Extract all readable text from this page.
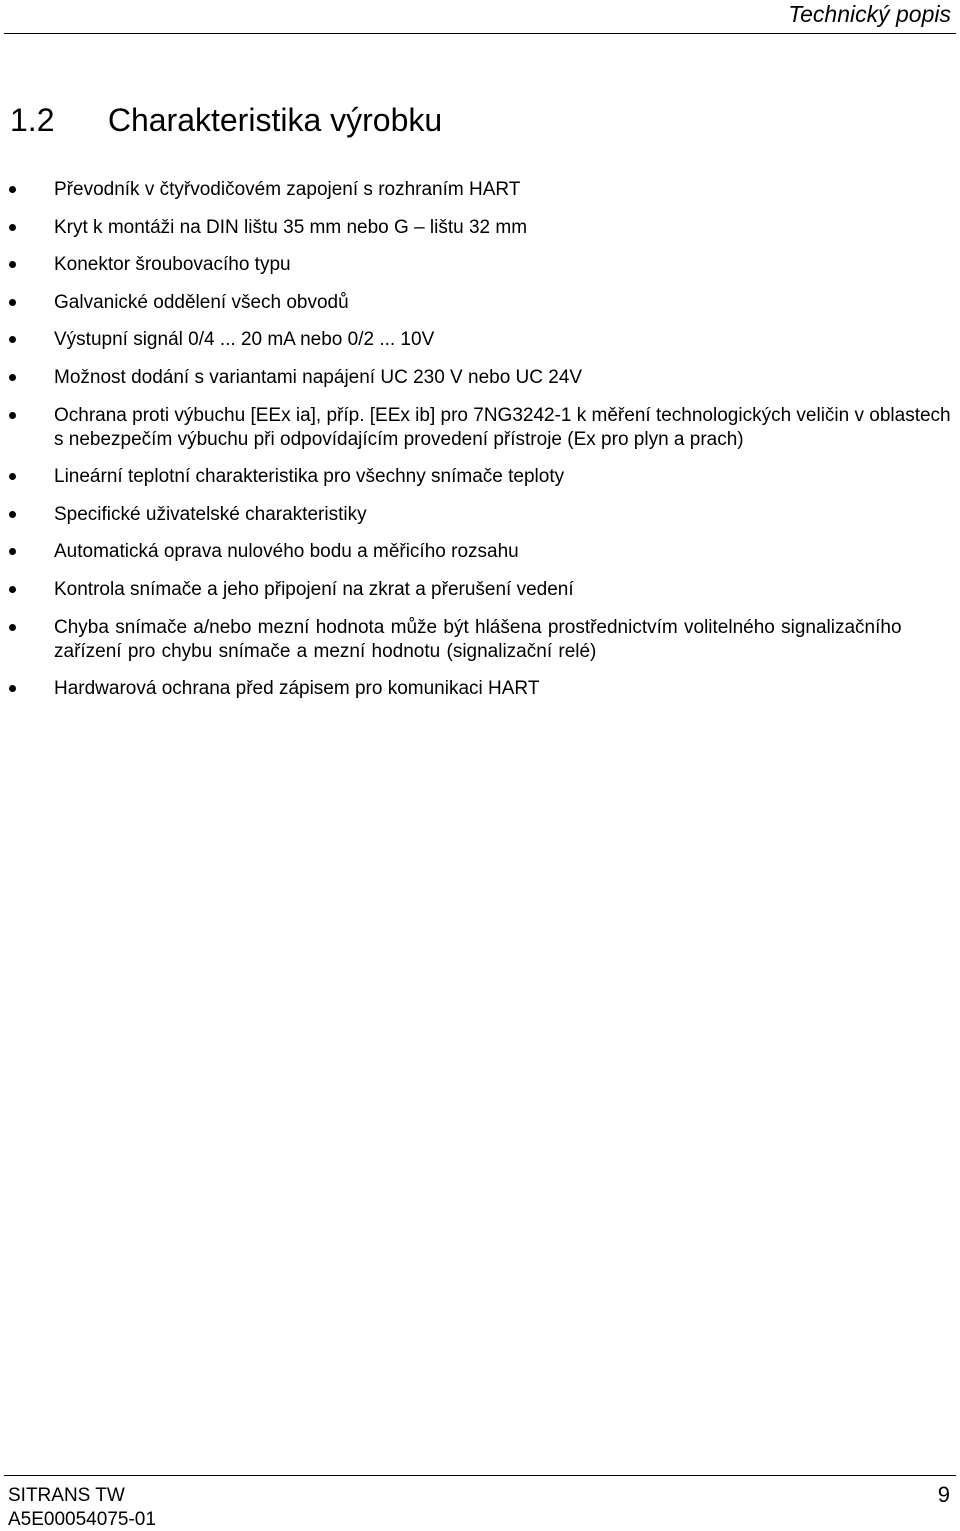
Technický popis
1.2 Charakteristika výrobku
Převodník v čtyřvodičovém zapojení s rozhraním HART
Kryt k montáži na DIN lištu 35 mm nebo G – lištu 32 mm
Konektor šroubovacího typu
Galvanické oddělení všech obvodů
Výstupní signál 0/4 ... 20 mA nebo 0/2 ... 10V
Možnost dodání s variantami napájení UC 230 V nebo UC 24V
Ochrana proti výbuchu [EEx ia], příp. [EEx ib] pro 7NG3242-1 k měření technologických veličin v oblastech s nebezpečím výbuchu při odpovídajícím provedení přístroje (Ex pro plyn a prach)
Lineární teplotní charakteristika pro všechny snímače teploty
Specifické uživatelské charakteristiky
Automatická oprava nulového bodu a měřicího rozsahu
Kontrola snímače a jeho připojení na zkrat a přerušení vedení
Chyba snímače a/nebo mezní hodnota může být hlášena prostřednictvím volitelného signalizačního zařízení pro chybu snímače a mezní hodnotu (signalizační relé)
Hardwarová ochrana před zápisem pro komunikaci HART
SITRANS TW
A5E00054075-01
9
